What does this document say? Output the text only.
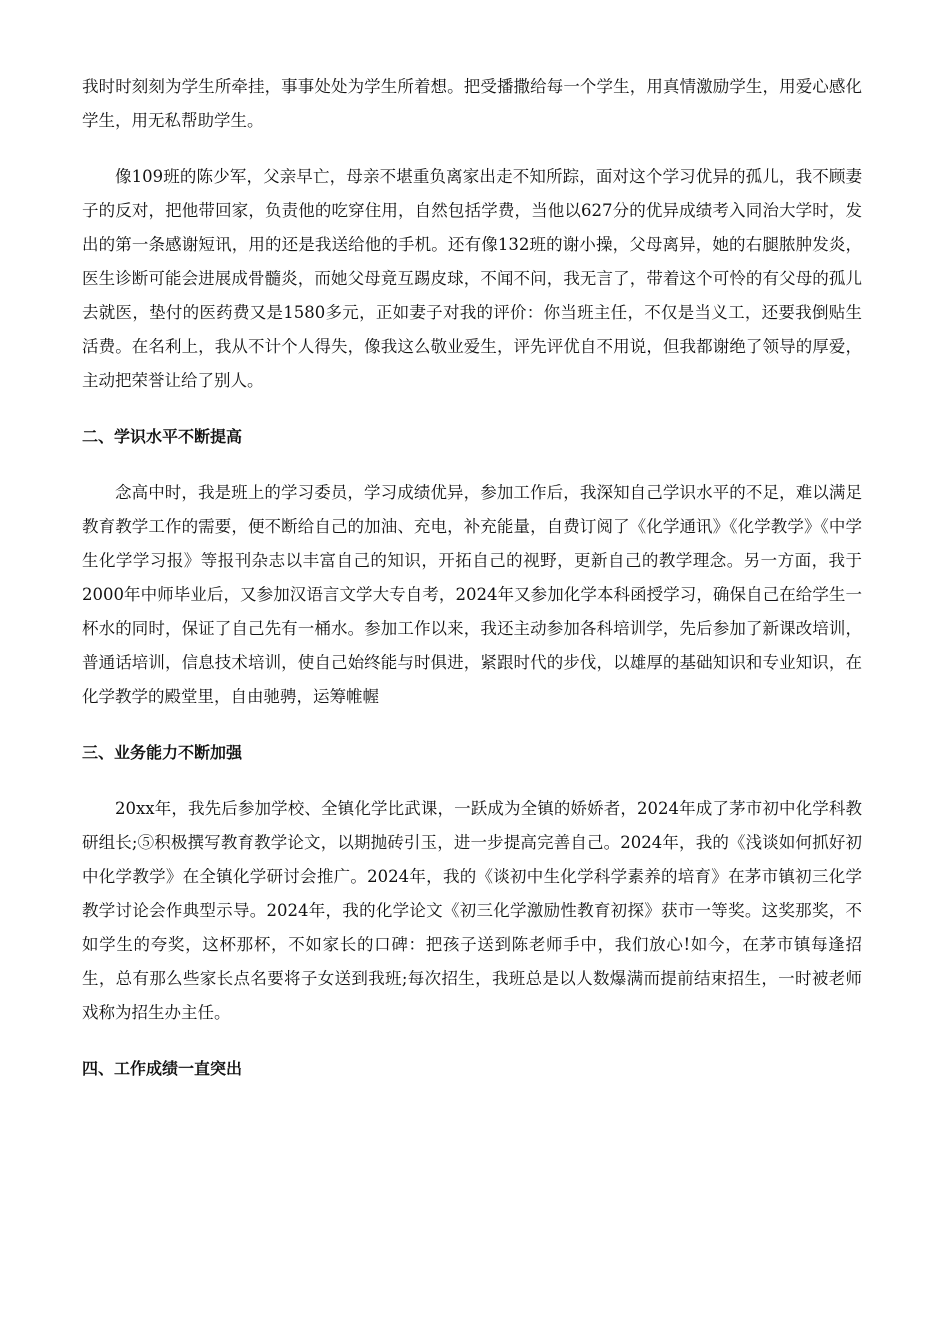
我时时刻刻为学生所牵挂，事事处处为学生所着想。把受播撒给每一个学生，用真情激励学生，用爱心感化学生，用无私帮助学生。

像109班的陈少军，父亲早亡，母亲不堪重负离家出走不知所踪，面对这个学习优异的孤儿，我不顾妻子的反对，把他带回家，负责他的吃穿住用，自然包括学费，当他以627分的优异成绩考入同治大学时，发出的第一条感谢短讯，用的还是我送给他的手机。还有像132班的谢小操，父母离异，她的右腿脓肿发炎，医生诊断可能会进展成骨髓炎，而她父母竟互踢皮球，不闻不问，我无言了，带着这个可怜的有父母的孤儿去就医，垫付的医药费又是1580多元，正如妻子对我的评价：你当班主任，不仅是当义工，还要我倒贴生活费。在名利上，我从不计个人得失，像我这么敬业爱生，评先评优自不用说，但我都谢绝了领导的厚爱，主动把荣誉让给了别人。

二、学识水平不断提高

念高中时，我是班上的学习委员，学习成绩优异，参加工作后，我深知自己学识水平的不足，难以满足教育教学工作的需要，便不断给自己的加油、充电，补充能量，自费订阅了《化学通讯》《化学教学》《中学生化学学习报》等报刊杂志以丰富自己的知识，开拓自己的视野，更新自己的教学理念。另一方面，我于2000年中师毕业后，又参加汉语言文学大专自考，2024年又参加化学本科函授学习，确保自己在给学生一杯水的同时，保证了自己先有一桶水。参加工作以来，我还主动参加各科培训学，先后参加了新课改培训，普通话培训，信息技术培训，使自己始终能与时俱进，紧跟时代的步伐，以雄厚的基础知识和专业知识，在化学教学的殿堂里，自由驰骋，运筹帷幄

三、业务能力不断加强

20xx年，我先后参加学校、全镇化学比武课，一跃成为全镇的娇娇者，2024年成了茅市初中化学科教研组长;⑤积极撰写教育教学论文，以期抛砖引玉，进一步提高完善自己。2024年，我的《浅谈如何抓好初中化学教学》在全镇化学研讨会推广。2024年，我的《谈初中生化学科学素养的培育》在茅市镇初三化学教学讨论会作典型示导。2024年，我的化学论文《初三化学激励性教育初探》获市一等奖。这奖那奖，不如学生的夸奖，这杯那杯，不如家长的口碑：把孩子送到陈老师手中，我们放心!如今，在茅市镇每逢招生，总有那么些家长点名要将子女送到我班;每次招生，我班总是以人数爆满而提前结束招生，一时被老师戏称为招生办主任。

四、工作成绩一直突出
